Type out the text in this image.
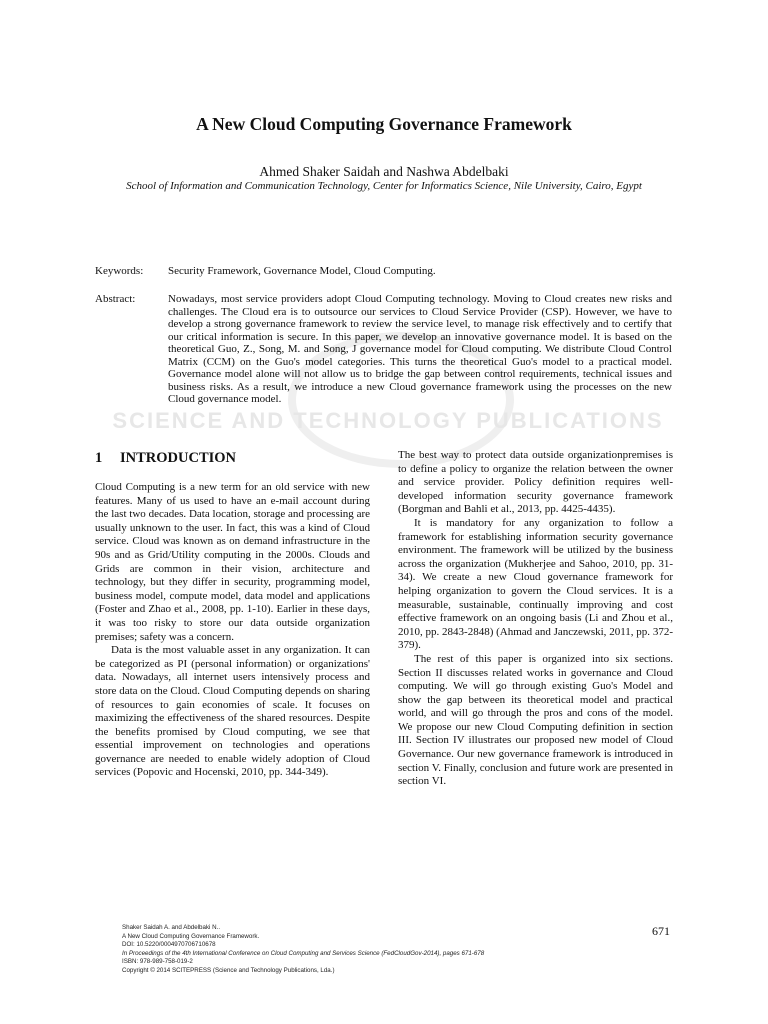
SCIENCE AND TECHNOLOGY PUBLICATIONS
A New Cloud Computing Governance Framework
Ahmed Shaker Saidah and Nashwa Abdelbaki
School of Information and Communication Technology, Center for Informatics Science, Nile University, Cairo, Egypt
Keywords: Security Framework, Governance Model, Cloud Computing.
Abstract:	Nowadays, most service providers adopt Cloud Computing technology. Moving to Cloud creates new risks and challenges. The Cloud era is to outsource our services to Cloud Service Provider (CSP). However, we have to develop a strong governance framework to review the service level, to manage risk effectively and to certify that our critical information is secure. In this paper, we develop an innovative governance model. It is based on the theoretical Guo, Z., Song, M. and Song, J governance model for Cloud computing. We distribute Cloud Control Matrix (CCM) on the Guo's model categories. This turns the theoretical Guo's model to a practical model. Governance model alone will not allow us to bridge the gap between control requirements, technical issues and business risks. As a result, we introduce a new Cloud governance framework using the processes on the new Cloud governance model.
1 INTRODUCTION

Cloud Computing is a new term for an old service with new features. Many of us used to have an e-mail account during the last two decades. Data location, storage and processing are usually unknown to the user. In fact, this was a kind of Cloud service. Cloud was known as on demand infrastructure in the 90s and as Grid/Utility computing in the 2000s. Clouds and Grids are common in their vision, architecture and technology, but they differ in security, programming model, business model, compute model, data model and applications (Foster and Zhao et al., 2008, pp. 1-10). Earlier in these days, it was too risky to store our data outside organization premises; safety was a concern.

Data is the most valuable asset in any organization. It can be categorized as PI (personal information) or organizations' data. Nowadays, all internet users intensively process and store data on the Cloud. Cloud Computing depends on sharing of resources to gain economies of scale. It focuses on maximizing the effectiveness of the shared resources. Despite the benefits promised by Cloud computing, we see that essential improvement on technologies and operations governance are needed to enable widely adoption of Cloud services (Popovic and Hocenski, 2010, pp. 344-349).

The best way to protect data outside organizationpremises is to define a policy to organize the relation between the owner and service provider. Policy definition requires well-developed information security governance framework (Borgman and Bahli et al., 2013, pp. 4425-4435).

It is mandatory for any organization to follow a framework for establishing information security governance environment. The framework will be utilized by the business across the organization (Mukherjee and Sahoo, 2010, pp. 31-34). We create a new Cloud governance framework for helping organization to govern the Cloud services. It is a measurable, sustainable, continually improving and cost effective framework on an ongoing basis (Li and Zhou et al., 2010, pp. 2843-2848) (Ahmad and Janczewski, 2011, pp. 372-379).

The rest of this paper is organized into six sections. Section II discusses related works in governance and Cloud computing. We will go through existing Guo's Model and show the gap between its theoretical model and practical world, and will go through the pros and cons of the model. We propose our new Cloud Computing definition in section III. Section IV illustrates our proposed new model of Cloud Governance. Our new governance framework is introduced in section V. Finally, conclusion and future work are presented in section VI.

Shaker Saidah A. and Abdelbaki N..
A New Cloud Computing Governance Framework.
DOI: 10.5220/0004970706710678
In Proceedings of the 4th International Conference on Cloud Computing and Services Science (FedCloudGov-2014), pages 671-678
ISBN: 978-989-758-019-2
Copyright © 2014 SCITEPRESS (Science and Technology Publications, Lda.)
671
